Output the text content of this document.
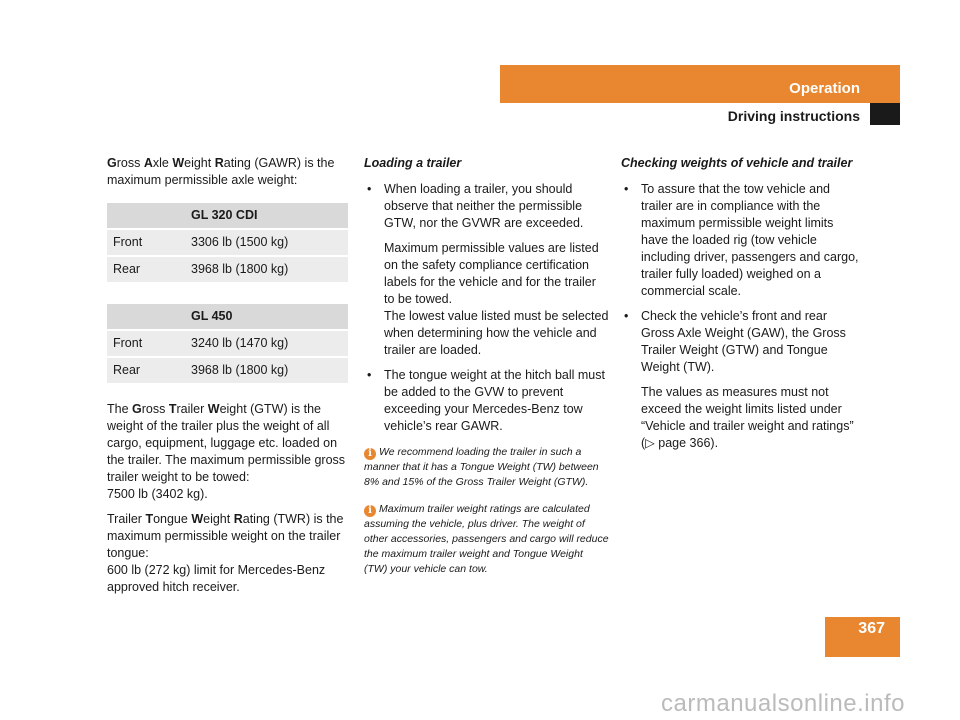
Operation
Driving instructions

Gross Axle Weight Rating (GAWR) is the maximum permissible axle weight:

	GL 320 CDI
Front	3306 lb (1500 kg)
Rear	3968 lb (1800 kg)
	GL 450
Front	3240 lb (1470 kg)
Rear	3968 lb (1800 kg)

The Gross Trailer Weight (GTW) is the weight of the trailer plus the weight of all cargo, equipment, luggage etc. loaded on the trailer. The maximum permissible gross trailer weight to be towed:
7500 lb (3402 kg).

Trailer Tongue Weight Rating (TWR) is the maximum permissible weight on the trailer tongue:
600 lb (272 kg) limit for Mercedes-Benz approved hitch receiver.

Loading a trailer

• When loading a trailer, you should observe that neither the permissible GTW, nor the GVWR are exceeded.
Maximum permissible values are listed on the safety compliance certification labels for the vehicle and for the trailer to be towed.
The lowest value listed must be selected when determining how the vehicle and trailer are loaded.
• The tongue weight at the hitch ball must be added to the GVW to prevent exceeding your Mercedes-Benz tow vehicle’s rear GAWR.
i We recommend loading the trailer in such a manner that it has a Tongue Weight (TW) between 8% and 15% of the Gross Trailer Weight (GTW).
i Maximum trailer weight ratings are calculated assuming the vehicle, plus driver. The weight of other accessories, passengers and cargo will reduce the maximum trailer weight and Tongue Weight (TW) your vehicle can tow.

Checking weights of vehicle and trailer

• To assure that the tow vehicle and trailer are in compliance with the maximum permissible weight limits have the loaded rig (tow vehicle including driver, passengers and cargo, trailer fully loaded) weighed on a commercial scale.
• Check the vehicle’s front and rear Gross Axle Weight (GAW), the Gross Trailer Weight (GTW) and Tongue Weight (TW).
The values as measures must not exceed the weight limits listed under “Vehicle and trailer weight and ratings” (▷ page 366).
367
carmanualsonline.info
